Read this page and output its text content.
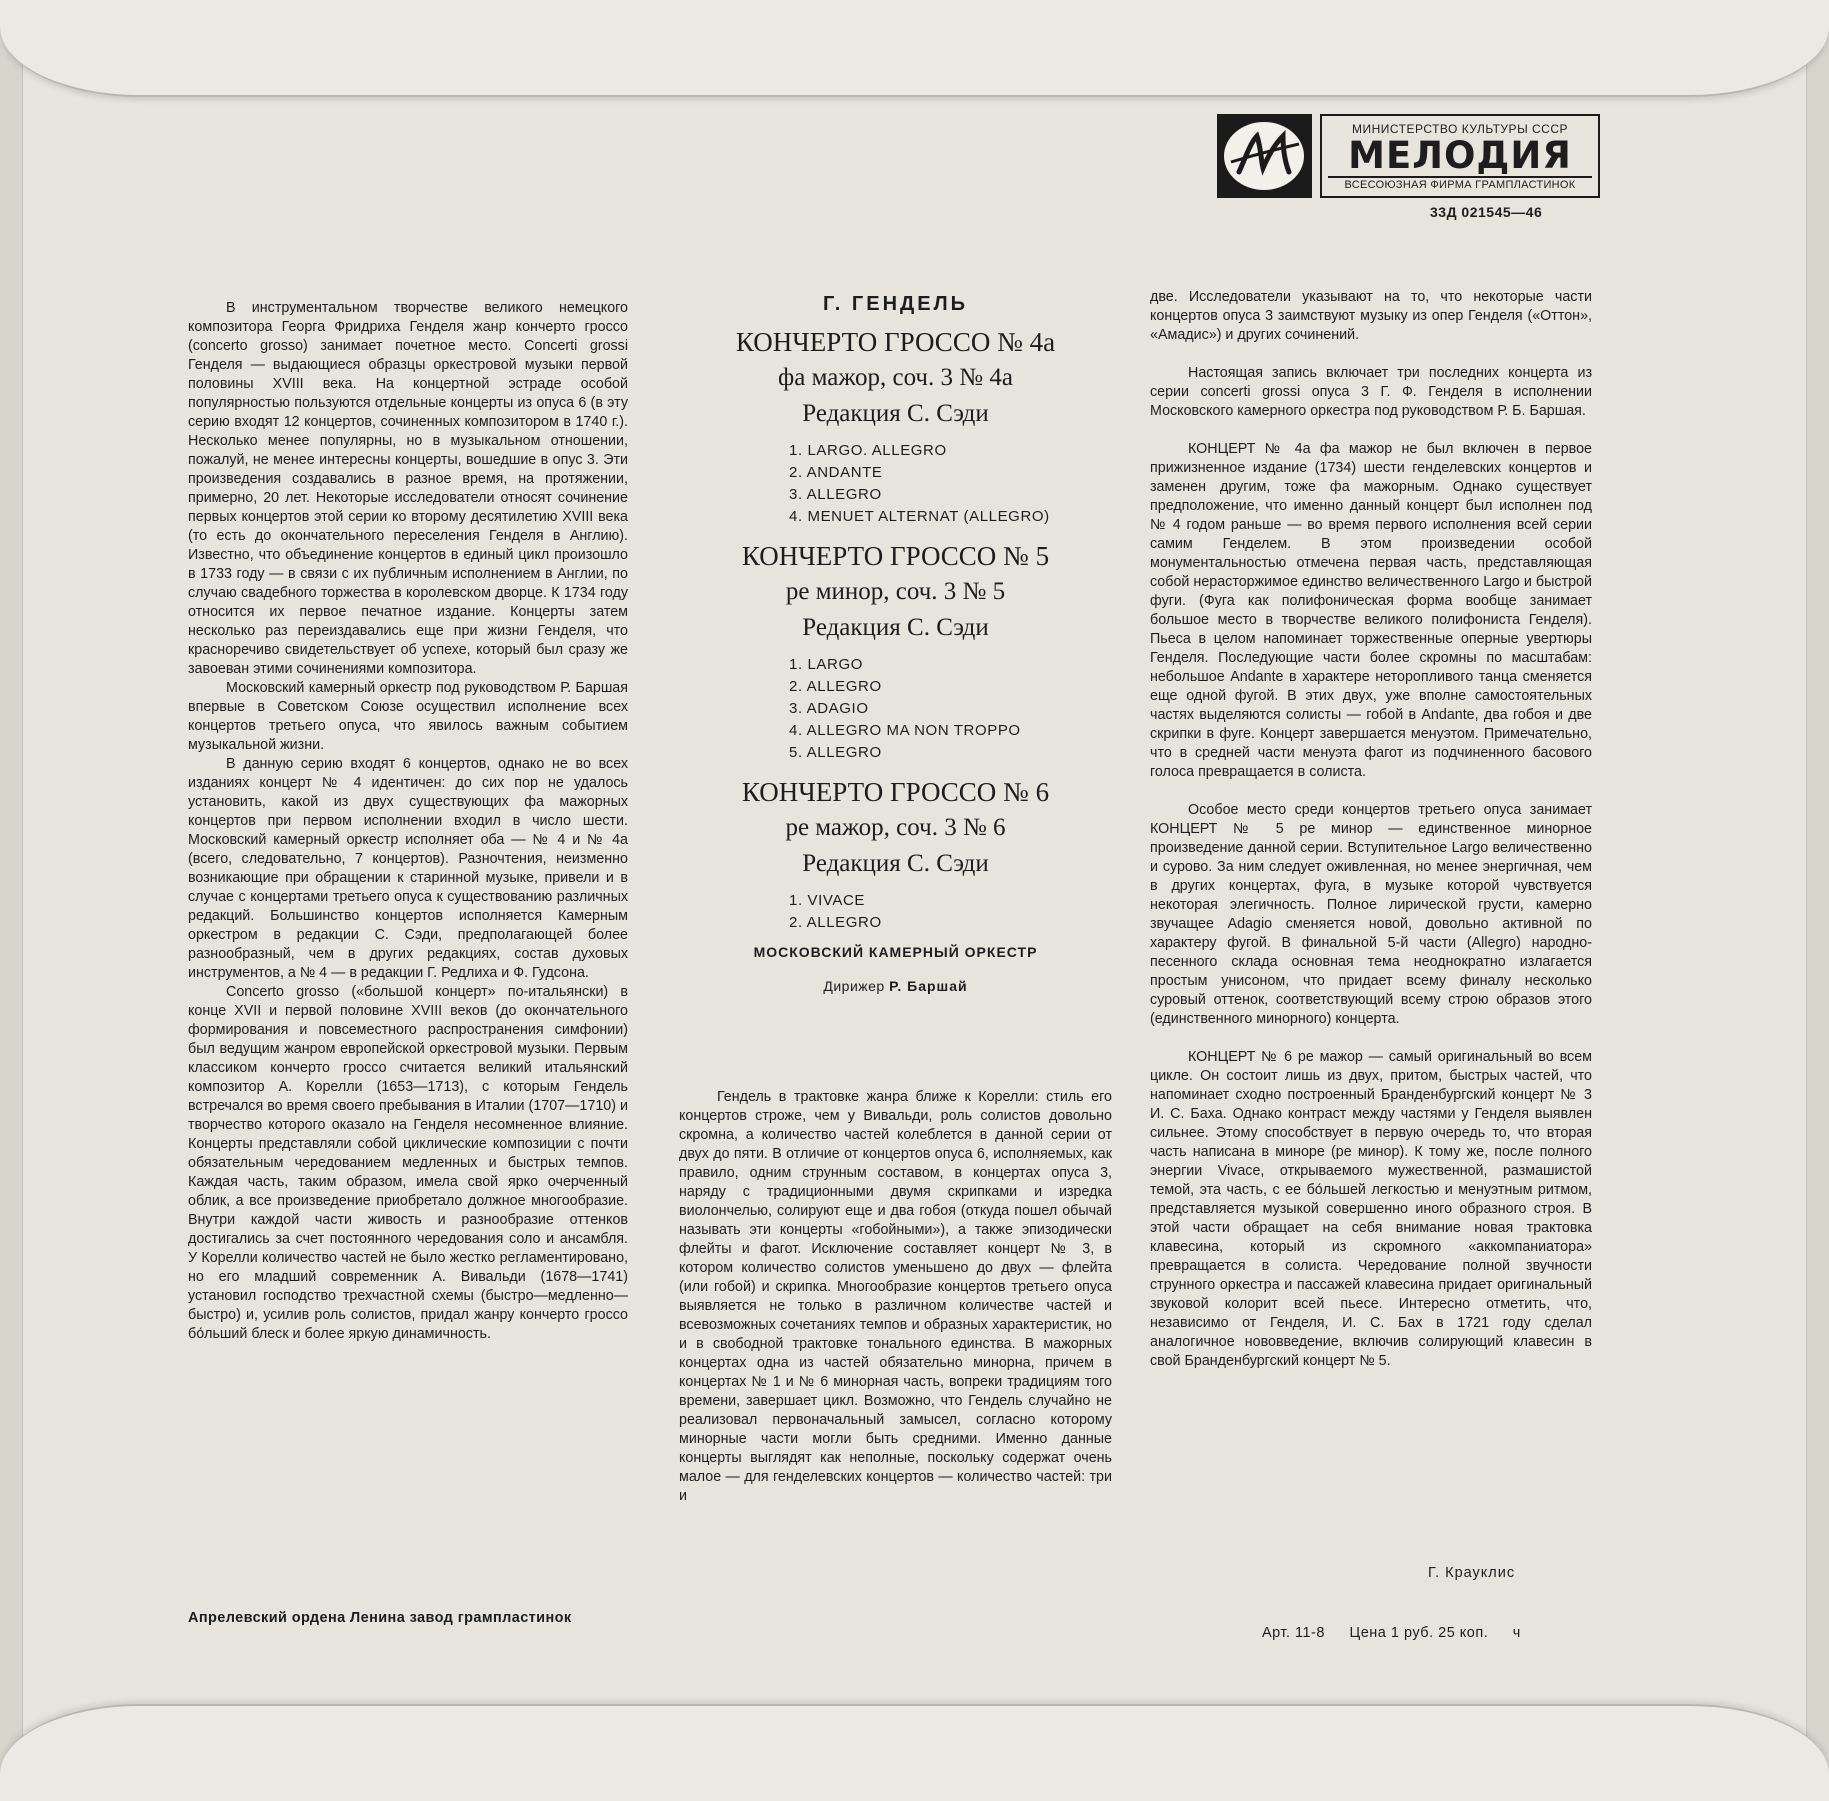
МИНИСТЕРСТВО КУЛЬТУРЫ СССР
МЕЛОДИЯ
ВСЕСОЮЗНАЯ ФИРМА ГРАМПЛАСТИНОК
33Д 021545—46

В инструментальном творчестве великого немецкого композитора Георга Фридриха Генделя жанр кончерто гроссо (concerto grosso) занимает почетное место. Concerti grossi Генделя — выдающиеся образцы оркестровой музыки первой половины XVIII века. На концертной эстраде особой популярностью пользуются отдельные концерты из опуса 6 (в эту серию входят 12 концертов, сочиненных композитором в 1740 г.). Несколько менее популярны, но в музыкальном отношении, пожалуй, не менее интересны концерты, вошедшие в опус 3. Эти произведения создавались в разное время, на протяжении, примерно, 20 лет. Некоторые исследователи относят сочинение первых концертов этой серии ко второму десятилетию XVIII века (то есть до окончательного переселения Генделя в Англию). Известно, что объединение концертов в единый цикл произошло в 1733 году — в связи с их публичным исполнением в Англии, по случаю свадебного торжества в королевском дворце. К 1734 году относится их первое печатное издание. Концерты затем несколько раз переиздавались еще при жизни Генделя, что красноречиво свидетельствует об успехе, который был сразу же завоеван этими сочинениями композитора.

Московский камерный оркестр под руководством Р. Баршая впервые в Советском Союзе осуществил исполнение всех концертов третьего опуса, что явилось важным событием музыкальной жизни.

В данную серию входят 6 концертов, однако не во всех изданиях концерт № 4 идентичен: до сих пор не удалось установить, какой из двух существующих фа мажорных концертов при первом исполнении входил в число шести. Московский камерный оркестр исполняет оба — № 4 и № 4а (всего, следовательно, 7 концертов). Разночтения, неизменно возникающие при обращении к старинной музыке, привели и в случае с концертами третьего опуса к существованию различных редакций. Большинство концертов исполняется Камерным оркестром в редакции С. Сэди, предполагающей более разнообразный, чем в других редакциях, состав духовых инструментов, а № 4 — в редакции Г. Редлиха и Ф. Гудсона.

Concerto grosso («большой концерт» по-итальянски) в конце XVII и первой половине XVIII веков (до окончательного формирования и повсеместного распространения симфонии) был ведущим жанром европейской оркестровой музыки. Первым классиком кончерто гроссо считается великий итальянский композитор А. Корелли (1653—1713), с которым Гендель встречался во время своего пребывания в Италии (1707—1710) и творчество которого оказало на Генделя несомненное влияние. Концерты представляли собой циклические композиции с почти обязательным чередованием медленных и быстрых темпов. Каждая часть, таким образом, имела свой ярко очерченный облик, а все произведение приобретало должное многообразие. Внутри каждой части живость и разнообразие оттенков достигались за счет постоянного чередования соло и ансамбля. У Корелли количество частей не было жестко регламентировано, но его младший современник А. Вивальди (1678—1741) установил господство трехчастной схемы (быстро—медленно—быстро) и, усилив роль солистов, придал жанру кончерто гроссо бо́льший блеск и более яркую динамичность.

Г. ГЕНДЕЛЬ
КОНЧЕРТО ГРОССО № 4а
фа мажор, соч. 3 № 4а
Редакция С. Сэди
1. LARGO. ALLEGRO
2. ANDANTE
3. ALLEGRO
4. MENUET ALTERNAT (ALLEGRO)
КОНЧЕРТО ГРОССО № 5
ре минор, соч. 3 № 5
Редакция С. Сэди
1. LARGO
2. ALLEGRO
3. ADAGIO
4. ALLEGRO MA NON TROPPO
5. ALLEGRO
КОНЧЕРТО ГРОССО № 6
ре мажор, соч. 3 № 6
Редакция С. Сэди
1. VIVACE
2. ALLEGRO
МОСКОВСКИЙ КАМЕРНЫЙ ОРКЕСТР
Дирижер Р. Баршай

Гендель в трактовке жанра ближе к Корелли: стиль его концертов строже, чем у Вивальди, роль солистов довольно скромна, а количество частей колеблется в данной серии от двух до пяти. В отличие от концертов опуса 6, исполняемых, как правило, одним струнным составом, в концертах опуса 3, наряду с традиционными двумя скрипками и изредка виолончелью, солируют еще и два гобоя (откуда пошел обычай называть эти концерты «гобойными»), а также эпизодически флейты и фагот. Исключение составляет концерт № 3, в котором количество солистов уменьшено до двух — флейта (или гобой) и скрипка. Многообразие концертов третьего опуса выявляется не только в различном количестве частей и всевозможных сочетаниях темпов и образных характеристик, но и в свободной трактовке тонального единства. В мажорных концертах одна из частей обязательно минорна, причем в концертах № 1 и № 6 минорная часть, вопреки традициям того времени, завершает цикл. Возможно, что Гендель случайно не реализовал первоначальный замысел, согласно которому минорные части могли быть средними. Именно данные концерты выглядят как неполные, поскольку содержат очень малое — для генделевских концертов — количество частей: три и

две. Исследователи указывают на то, что некоторые части концертов опуса 3 заимствуют музыку из опер Генделя («Оттон», «Амадис») и других сочинений.

Настоящая запись включает три последних концерта из серии concerti grossi опуса 3 Г. Ф. Генделя в исполнении Московского камерного оркестра под руководством Р. Б. Баршая.

КОНЦЕРТ № 4а фа мажор не был включен в первое прижизненное издание (1734) шести генделевских концертов и заменен другим, тоже фа мажорным. Однако существует предположение, что именно данный концерт был исполнен под № 4 годом раньше — во время первого исполнения всей серии самим Генделем. В этом произведении особой монументальностью отмечена первая часть, представляющая собой нерасторжимое единство величественного Largo и быстрой фуги. (Фуга как полифоническая форма вообще занимает большое место в творчестве великого полифониста Генделя). Пьеса в целом напоминает торжественные оперные увертюры Генделя. Последующие части более скромны по масштабам: небольшое Andante в характере неторопливого танца сменяется еще одной фугой. В этих двух, уже вполне самостоятельных частях выделяются солисты — гобой в Andante, два гобоя и две скрипки в фуге. Концерт завершается менуэтом. Примечательно, что в средней части менуэта фагот из подчиненного басового голоса превращается в солиста.

Особое место среди концертов третьего опуса занимает КОНЦЕРТ № 5 ре минор — единственное минорное произведение данной серии. Вступительное Largo величественно и сурово. За ним следует оживленная, но менее энергичная, чем в других концертах, фуга, в музыке которой чувствуется некоторая элегичность. Полное лирической грусти, камерно звучащее Adagio сменяется новой, довольно активной по характеру фугой. В финальной 5-й части (Allegro) народно-песенного склада основная тема неоднократно излагается простым унисоном, что придает всему финалу несколько суровый оттенок, соответствующий всему строю образов этого (единственного минорного) концерта.

КОНЦЕРТ № 6 ре мажор — самый оригинальный во всем цикле. Он состоит лишь из двух, притом, быстрых частей, что напоминает сходно построенный Бранденбургский концерт № 3 И. С. Баха. Однако контраст между частями у Генделя выявлен сильнее. Этому способствует в первую очередь то, что вторая часть написана в миноре (ре минор). К тому же, после полного энергии Vivace, открываемого мужественной, размашистой темой, эта часть, с ее бо́льшей легкостью и менуэтным ритмом, представляется музыкой совершенно иного образного строя. В этой части обращает на себя внимание новая трактовка клавесина, который из скромного «аккомпаниатора» превращается в солиста. Чередование полной звучности струнного оркестра и пассажей клавесина придает оригинальный звуковой колорит всей пьесе. Интересно отметить, что, независимо от Генделя, И. С. Бах в 1721 году сделал аналогичное нововведение, включив солирующий клавесин в свой Бранденбургский концерт № 5.

Г. Крауклис
Апрелевский ордена Ленина завод грампластинок
Арт. 11-8 Цена 1 руб. 25 коп. ч
